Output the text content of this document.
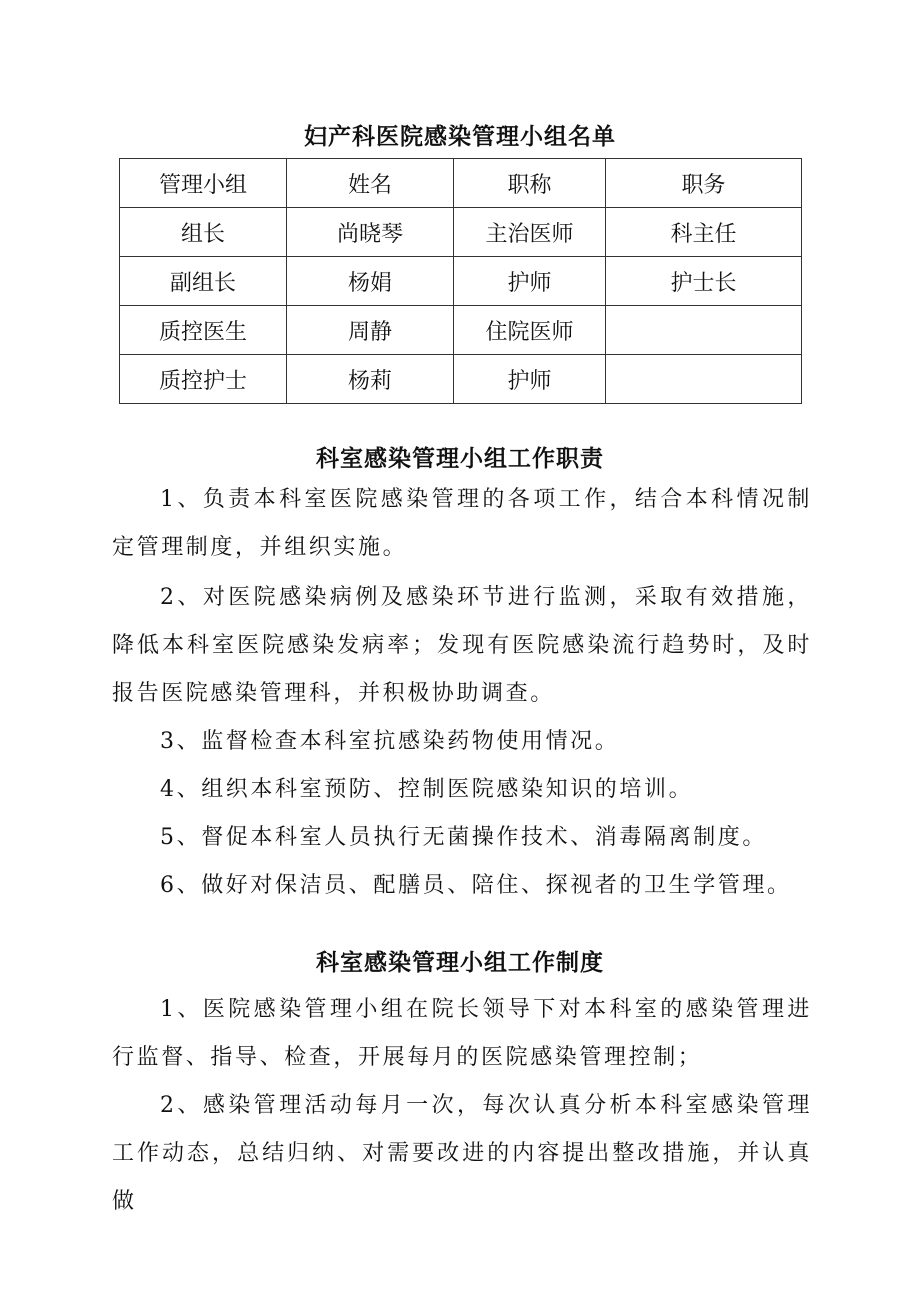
妇产科医院感染管理小组名单
管理小组	姓名	职称	职务
组长	尚晓琴	主治医师	科主任
副组长	杨娟	护师	护士长
质控医生	周静	住院医师	
质控护士	杨莉	护师	
科室感染管理小组工作职责

1、负责本科室医院感染管理的各项工作，结合本科情况制定管理制度，并组织实施。

2、对医院感染病例及感染环节进行监测，采取有效措施，降低本科室医院感染发病率；发现有医院感染流行趋势时，及时报告医院感染管理科，并积极协助调查。

3、监督检查本科室抗感染药物使用情况。

4、组织本科室预防、控制医院感染知识的培训。

5、督促本科室人员执行无菌操作技术、消毒隔离制度。

6、做好对保洁员、配膳员、陪住、探视者的卫生学管理。

科室感染管理小组工作制度

1、医院感染管理小组在院长领导下对本科室的感染管理进行监督、指导、检查，开展每月的医院感染管理控制；

2、感染管理活动每月一次，每次认真分析本科室感染管理工作动态，总结归纳、对需要改进的内容提出整改措施，并认真做
